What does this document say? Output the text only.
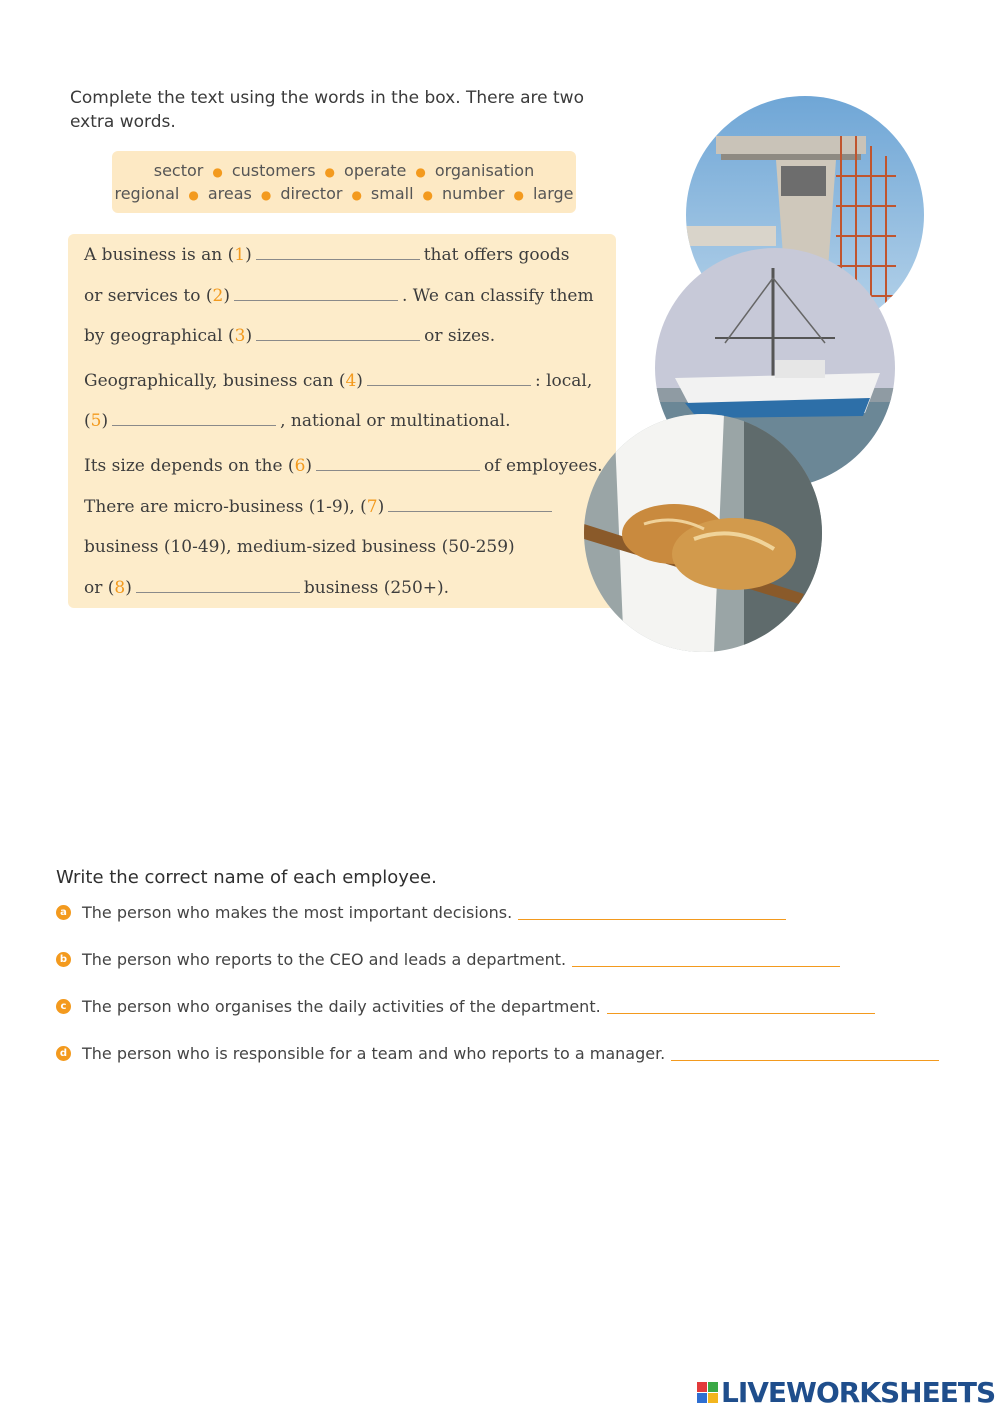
Complete the text using the words in the box. There are two extra words.
sector ● customers ● operate ● organisation
regional ● areas ● director ● small ● number ● large
A business is an (1)	that offers goods
or services to (2)	. We can classify them
by geographical (3)	or sizes.
Geographically, business can (4)	: local,
(5)	, national or multinational.
Its size depends on the (6)	of employees.
There are micro-business (1-9), (7)
business (10-49), medium-sized business (50-259)
or (8)	business (250+).
Write the correct name of each employee.
a The person who makes the most important decisions.
b The person who reports to the CEO and leads a department.
c The person who organises the daily activities of the department.
d The person who is responsible for a team and who reports to a manager.
LIVEWORKSHEETS
